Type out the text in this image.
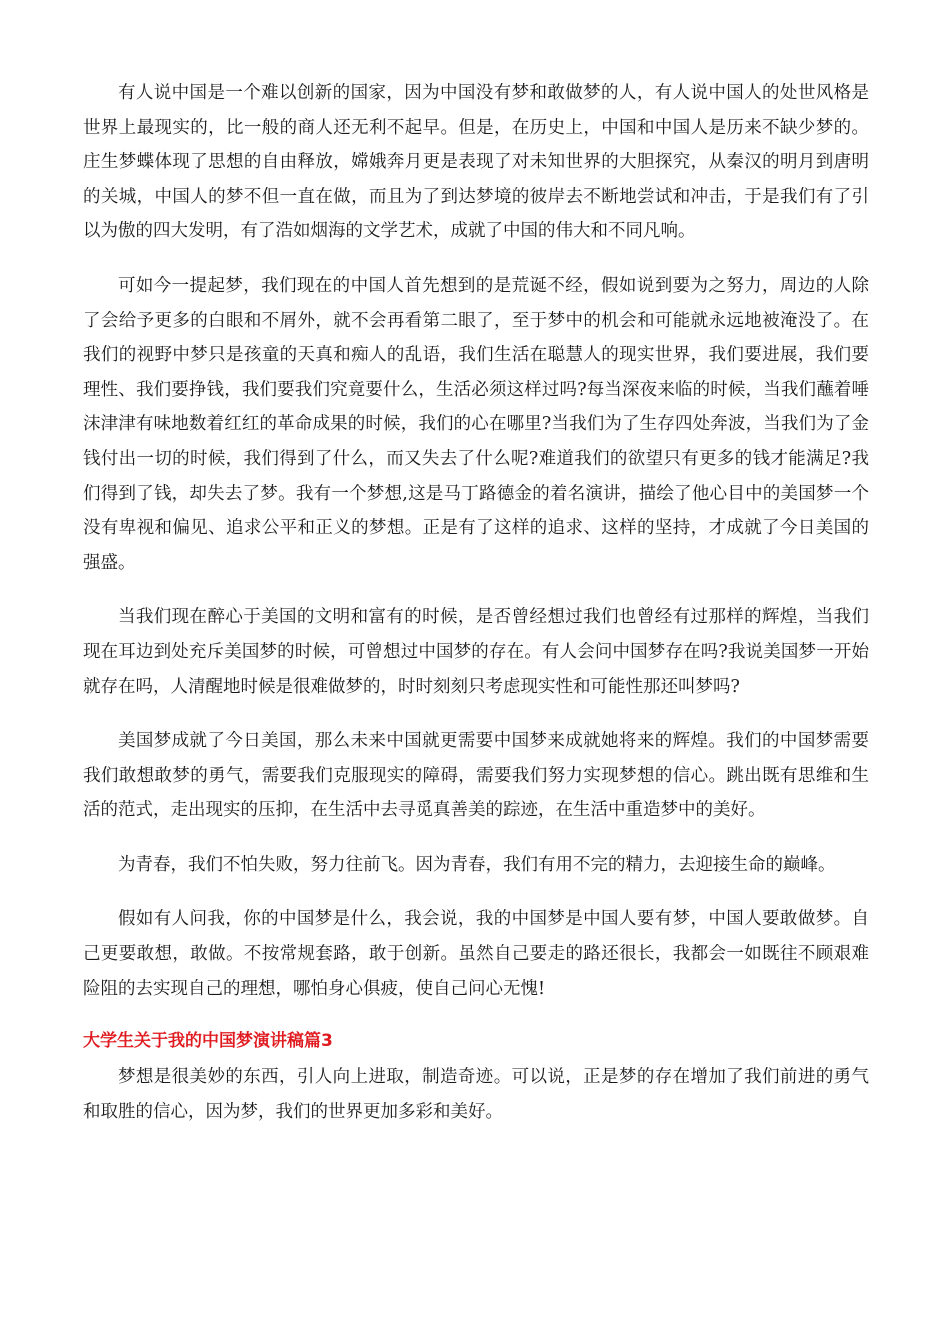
有人说中国是一个难以创新的国家，因为中国没有梦和敢做梦的人，有人说中国人的处世风格是世界上最现实的，比一般的商人还无利不起早。但是，在历史上，中国和中国人是历来不缺少梦的。庄生梦蝶体现了思想的自由释放，嫦娥奔月更是表现了对未知世界的大胆探究，从秦汉的明月到唐明的关城，中国人的梦不但一直在做，而且为了到达梦境的彼岸去不断地尝试和冲击，于是我们有了引以为傲的四大发明，有了浩如烟海的文学艺术，成就了中国的伟大和不同凡响。

可如今一提起梦，我们现在的中国人首先想到的是荒诞不经，假如说到要为之努力，周边的人除了会给予更多的白眼和不屑外，就不会再看第二眼了，至于梦中的机会和可能就永远地被淹没了。在我们的视野中梦只是孩童的天真和痴人的乱语，我们生活在聪慧人的现实世界，我们要进展，我们要理性、我们要挣钱，我们要我们究竟要什么，生活必须这样过吗?每当深夜来临的时候，当我们蘸着唾沫津津有味地数着红红的革命成果的时候，我们的心在哪里?当我们为了生存四处奔波，当我们为了金钱付出一切的时候，我们得到了什么，而又失去了什么呢?难道我们的欲望只有更多的钱才能满足?我们得到了钱，却失去了梦。我有一个梦想,这是马丁路德金的着名演讲，描绘了他心目中的美国梦一个没有卑视和偏见、追求公平和正义的梦想。正是有了这样的追求、这样的坚持，才成就了今日美国的强盛。

当我们现在醉心于美国的文明和富有的时候，是否曾经想过我们也曾经有过那样的辉煌，当我们现在耳边到处充斥美国梦的时候，可曾想过中国梦的存在。有人会问中国梦存在吗?我说美国梦一开始就存在吗，人清醒地时候是很难做梦的，时时刻刻只考虑现实性和可能性那还叫梦吗?

美国梦成就了今日美国，那么未来中国就更需要中国梦来成就她将来的辉煌。我们的中国梦需要我们敢想敢梦的勇气，需要我们克服现实的障碍，需要我们努力实现梦想的信心。跳出既有思维和生活的范式，走出现实的压抑，在生活中去寻觅真善美的踪迹，在生活中重造梦中的美好。

为青春，我们不怕失败，努力往前飞。因为青春，我们有用不完的精力，去迎接生命的巅峰。

假如有人问我，你的中国梦是什么，我会说，我的中国梦是中国人要有梦，中国人要敢做梦。自己更要敢想，敢做。不按常规套路，敢于创新。虽然自己要走的路还很长，我都会一如既往不顾艰难险阻的去实现自己的理想，哪怕身心俱疲，使自己问心无愧!

大学生关于我的中国梦演讲稿篇3

梦想是很美妙的东西，引人向上进取，制造奇迹。可以说，正是梦的存在增加了我们前进的勇气和取胜的信心，因为梦，我们的世界更加多彩和美好。
